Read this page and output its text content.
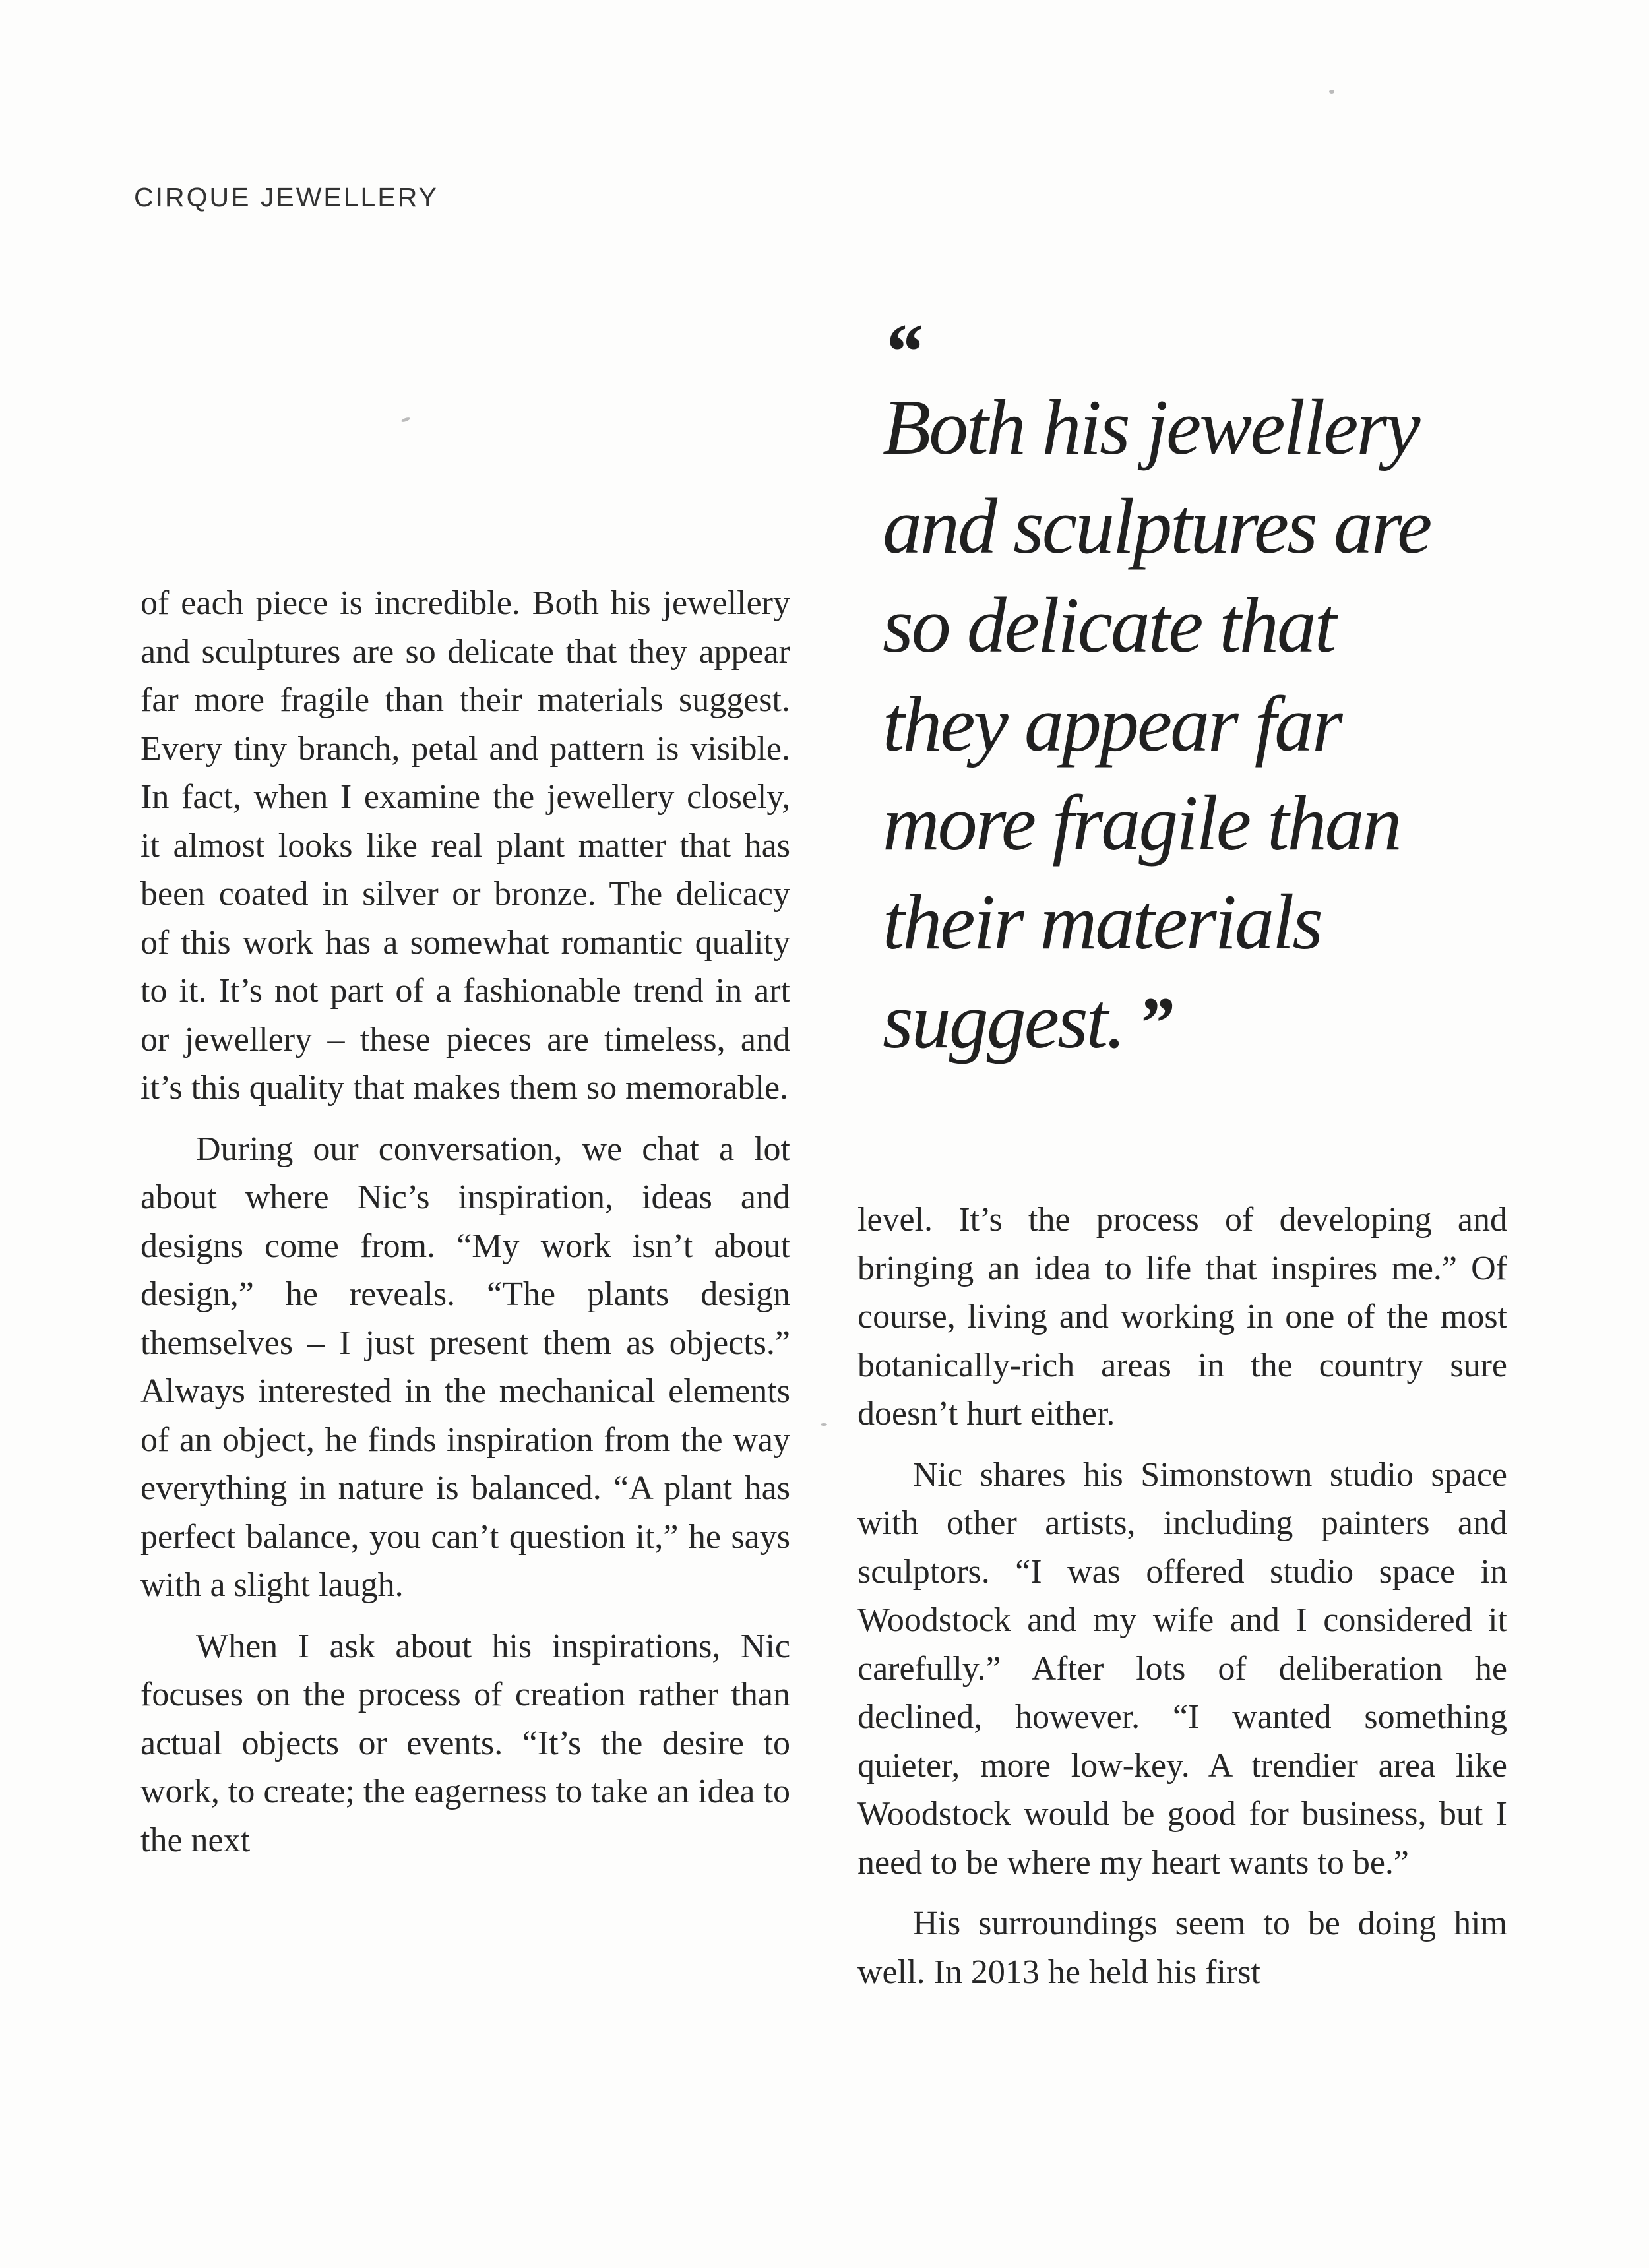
CIRQUE JEWELLERY
“
Both his jewellery
and sculptures are
so delicate that
they appear far
more fragile than
their materials
suggest. ”

of each piece is incredible. Both his jewellery and sculptures are so delicate that they appear far more fragile than their materials suggest. Every tiny branch, petal and pattern is visible. In fact, when I examine the jewellery closely, it almost looks like real plant matter that has been coated in silver or bronze. The delicacy of this work has a somewhat romantic quality to it. It’s not part of a fashionable trend in art or jewellery – these pieces are timeless, and it’s this quality that makes them so memorable.

During our conversation, we chat a lot about where Nic’s inspiration, ideas and designs come from. “My work isn’t about design,” he reveals. “The plants design themselves – I just present them as objects.” Always interested in the mechanical elements of an object, he finds inspiration from the way everything in nature is balanced. “A plant has perfect balance, you can’t question it,” he says with a slight laugh.

When I ask about his inspirations, Nic focuses on the process of creation rather than actual objects or events. “It’s the desire to work, to create; the eagerness to take an idea to the next

level. It’s the process of developing and bringing an idea to life that inspires me.” Of course, living and working in one of the most botanically-rich areas in the country sure doesn’t hurt either.

Nic shares his Simonstown studio space with other artists, including painters and sculptors. “I was offered studio space in Woodstock and my wife and I considered it carefully.” After lots of deliberation he declined, however. “I wanted something quieter, more low-key. A trendier area like Woodstock would be good for business, but I need to be where my heart wants to be.”

His surroundings seem to be doing him well. In 2013 he held his first
